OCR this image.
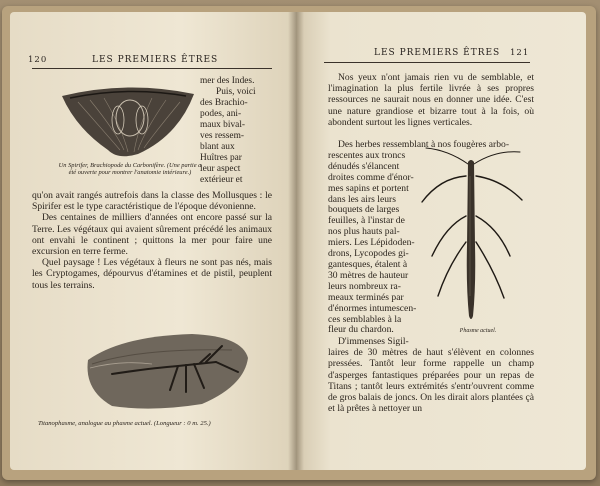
120	LES PREMIERS ÊTRES
Un Spirifer, Brachiopode du Carbonifère. (Une partie a été ouverte pour montrer l'anatomie intérieure.)
mer des Indes.
Puis, voici
des Brachio-
podes, ani-
maux bival-
ves ressem-
blant aux
Huîtres par
leur aspect
extérieur et

qu'on avait rangés autrefois dans la classe des Mollusques : le Spirifer est le type caractéristique de l'époque dévonienne.

Des centaines de milliers d'années ont encore passé sur la Terre. Les végétaux qui avaient sûrement précédé les animaux ont envahi le continent ; quittons la mer pour faire une excursion en terre ferme.

Quel paysage ! Les végétaux à fleurs ne sont pas nés, mais les Cryptogames, dépourvus d'étamines et de pistil, peuplent tous les terrains.

Titanophasme, analogue au phasme actuel. (Longueur : 0 m. 25.)
LES PREMIERS ÊTRES 121

Nos yeux n'ont jamais rien vu de semblable, et l'imagination la plus fertile livrée à ses propres ressources ne saurait nous en donner une idée. C'est une nature grandiose et bizarre tout à la fois, où abondent surtout les lignes verticales.

Des herbes ressemblant à nos fougères arbo-
rescentes aux troncs
dénudés s'élancent
droites comme d'énor-
mes sapins et portent
dans les airs leurs
bouquets de larges
feuilles, à l'instar de
nos plus hauts pal-
miers. Les Lépidoden-
drons, Lycopodes gi-
gantesques, étalent à
30 mètres de hauteur
leurs nombreux ra-
meaux terminés par
d'énormes intumescen-
ces semblables à la
fleur du chardon.	Phasme actuel.
D'immenses Sigil-
laires de 30 mètres de haut s'élèvent en colonnes pressées. Tantôt leur forme rappelle un champ d'asperges fantastiques préparées pour un repas de Titans ; tantôt leurs extrémités s'entr'ouvrent comme de gros balais de joncs. On les dirait alors plantées çà et là prêtes à nettoyer un
